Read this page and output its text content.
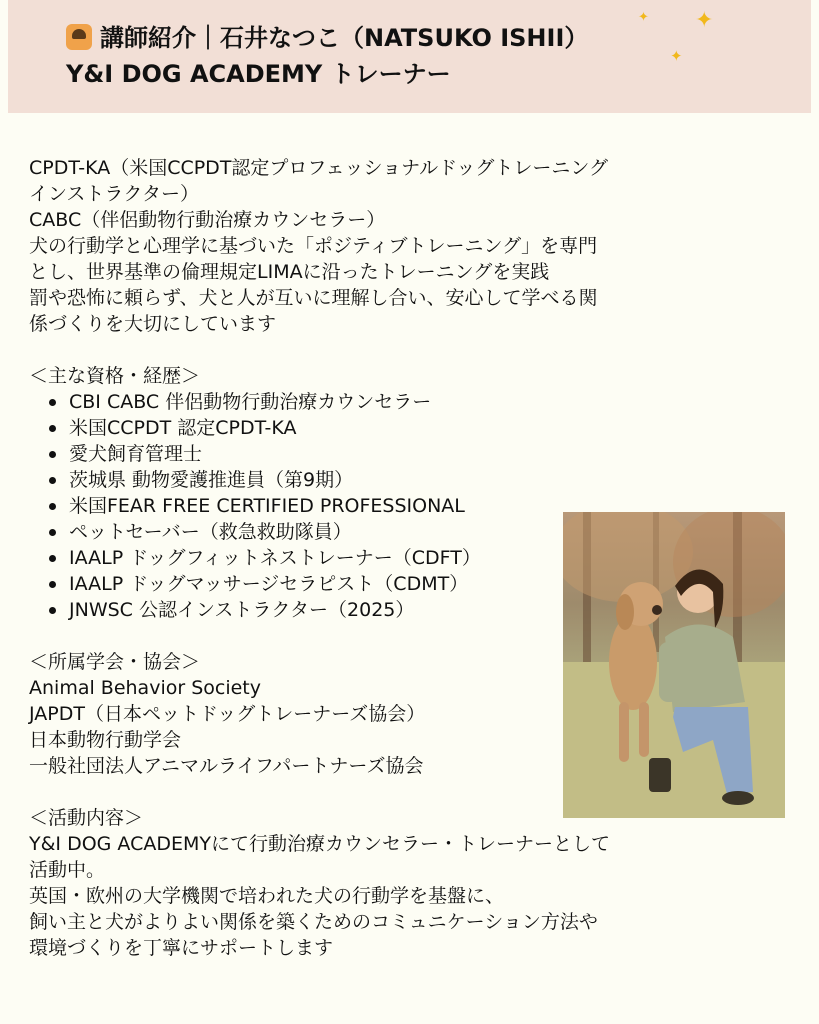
講師紹介｜石井なつこ（NATSUKO ISHII）
Y&I DOG ACADEMY トレーナー
✦ ✦
✦
CPDT-KA（米国CCPDT認定プロフェッショナルドッグトレーニング
インストラクター）
CABC（伴侶動物行動治療カウンセラー）
犬の行動学と心理学に基づいた「ポジティブトレーニング」を専門
とし、世界基準の倫理規定LIMAに沿ったトレーニングを実践
罰や恐怖に頼らず、犬と人が互いに理解し合い、安心して学べる関
係づくりを大切にしています
＜主な資格・経歴＞
CBI CABC 伴侶動物行動治療カウンセラー
米国CCPDT 認定CPDT-KA
愛犬飼育管理士
茨城県 動物愛護推進員（第9期）
米国FEAR FREE CERTIFIED PROFESSIONAL
ペットセーバー（救急救助隊員）
IAALP ドッグフィットネストレーナー（CDFT）
IAALP ドッグマッサージセラピスト（CDMT）
JNWSC 公認インストラクター（2025）
＜所属学会・協会＞
Animal Behavior Society
JAPDT（日本ペットドッグトレーナーズ協会）
日本動物行動学会
一般社団法人アニマルライフパートナーズ協会
＜活動内容＞
Y&I DOG ACADEMYにて行動治療カウンセラー・トレーナーとして
活動中。
英国・欧州の大学機関で培われた犬の行動学を基盤に、
飼い主と犬がよりよい関係を築くためのコミュニケーション方法や
環境づくりを丁寧にサポートします
